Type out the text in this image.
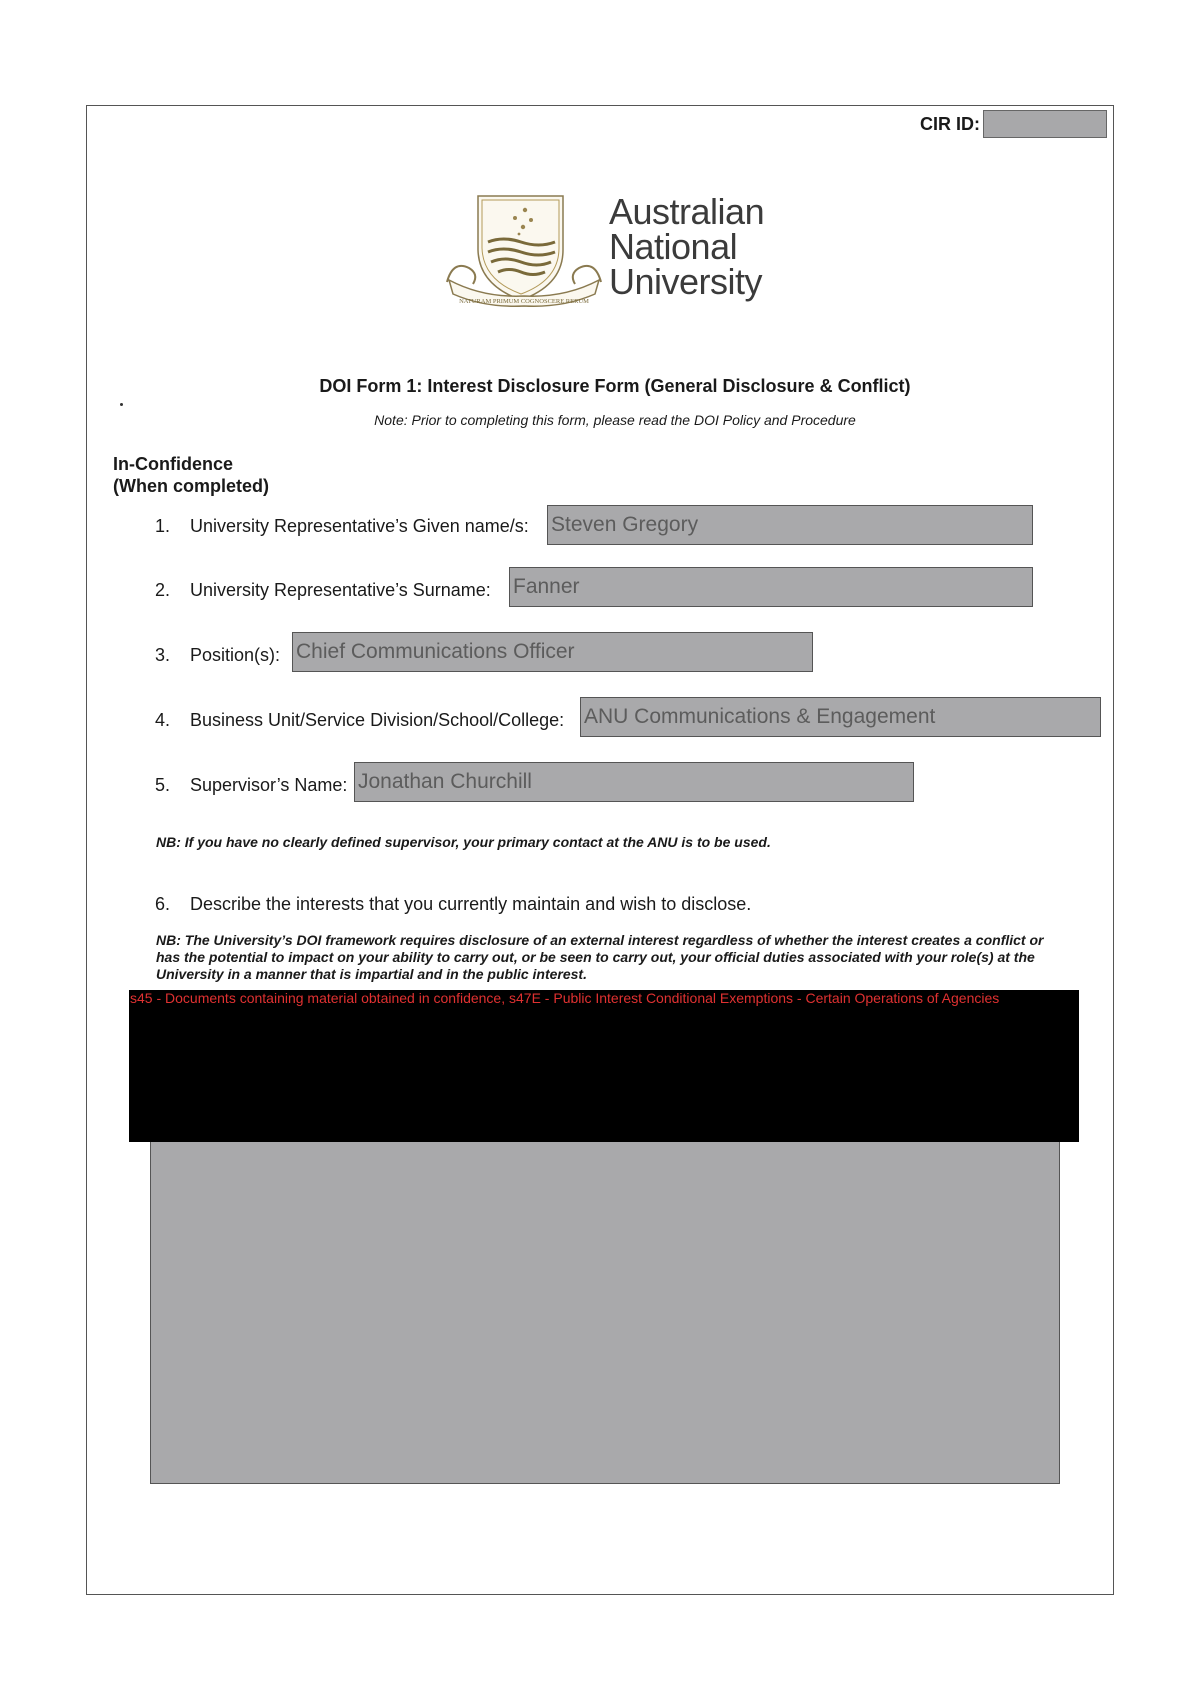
CIR ID:
NATURAM PRIMUM COGNOSCERE RERUM
Australian
National
University
DOI Form 1: Interest Disclosure Form (General Disclosure & Conflict)
Note: Prior to completing this form, please read the DOI Policy and Procedure
In-Confidence
(When completed)
1.	University Representative’s Given name/s: Steven Gregory
2.	University Representative’s Surname: Fanner
3.	Position(s): Chief Communications Officer
4.	Business Unit/Service Division/School/College: ANU Communications & Engagement
5.	Supervisor’s Name: Jonathan Churchill
NB: If you have no clearly defined supervisor, your primary contact at the ANU is to be used.
6.	Describe the interests that you currently maintain and wish to disclose.
NB: The University’s DOI framework requires disclosure of an external interest regardless of whether the interest creates a conflict or has the potential to impact on your ability to carry out, or be seen to carry out, your official duties associated with your role(s) at the University in a manner that is impartial and in the public interest.
s45 - Documents containing material obtained in confidence, s47E - Public Interest Conditional Exemptions - Certain Operations of Agencies
